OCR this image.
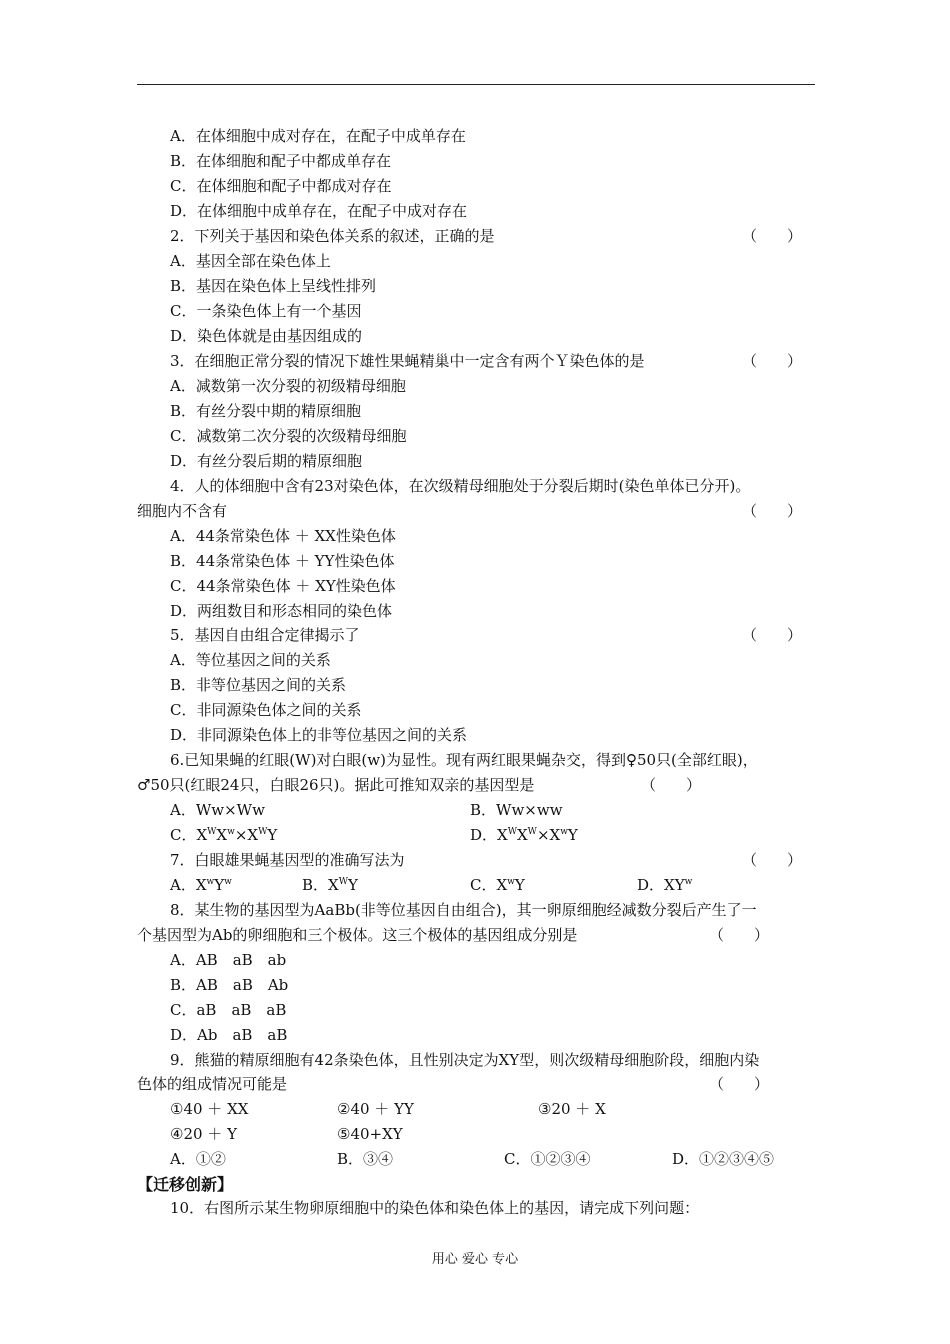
A．在体细胞中成对存在，在配子中成单存在
B．在体细胞和配子中都成单存在
C．在体细胞和配子中都成对存在
D．在体细胞中成单存在，在配子中成对存在
2．下列关于基因和染色体关系的叙述，正确的是	（　　）
A．基因全部在染色体上
B．基因在染色体上呈线性排列
C．一条染色体上有一个基因
D．染色体就是由基因组成的
3．在细胞正常分裂的情况下雄性果蝇精巢中一定含有两个Ｙ染色体的是	（　　）
A．减数第一次分裂的初级精母细胞
B．有丝分裂中期的精原细胞
C．减数第二次分裂的次级精母细胞
D．有丝分裂后期的精原细胞
4．人的体细胞中含有23对染色体，在次级精母细胞处于分裂后期时(染色单体已分开)。
细胞内不含有	（　　）
A．44条常染色体 ＋ XX性染色体
B．44条常染色体 ＋ YY性染色体
C．44条常染色体 ＋ XY性染色体
D．两组数目和形态相同的染色体
5．基因自由组合定律揭示了	（　　）
A．等位基因之间的关系
B．非等位基因之间的关系
C．非同源染色体之间的关系
D．非同源染色体上的非等位基因之间的关系
6.已知果蝇的红眼(W)对白眼(w)为显性。现有两红眼果蝇杂交，得到♀50只(全部红眼)，
♂50只(红眼24只，白眼26只)。据此可推知双亲的基因型是	（　　）
A．Ww×Ww	B．Ww×ww
C．$X^WX^w\times X^WY$	D．$X^WX^W\times X^wY$
7．白眼雄果蝇基因型的准确写法为	（　　）
A．$X^wY^w$	B．$X^WY$	C．$X^wY$	D．$XY^w$
8．某生物的基因型为AaBb(非等位基因自由组合)，其一卵原细胞经减数分裂后产生了一
个基因型为Ab的卵细胞和三个极体。这三个极体的基因组成分别是	（　　）
A．AB　aB　ab
B．AB　aB　Ab
C．aB　aB　aB
D．Ab　aB　aB
9．熊猫的精原细胞有42条染色体，且性别决定为XY型，则次级精母细胞阶段，细胞内染
色体的组成情况可能是	（　　）
①40 ＋ XX	②40 ＋ YY	③20 ＋ X
④20 ＋ Y	⑤40+XY
A．①②	B．③④	C．①②③④	D．①②③④⑤
【迁移创新】
10．右图所示某生物卵原细胞中的染色体和染色体上的基因，请完成下列问题：
用心 爱心 专心
